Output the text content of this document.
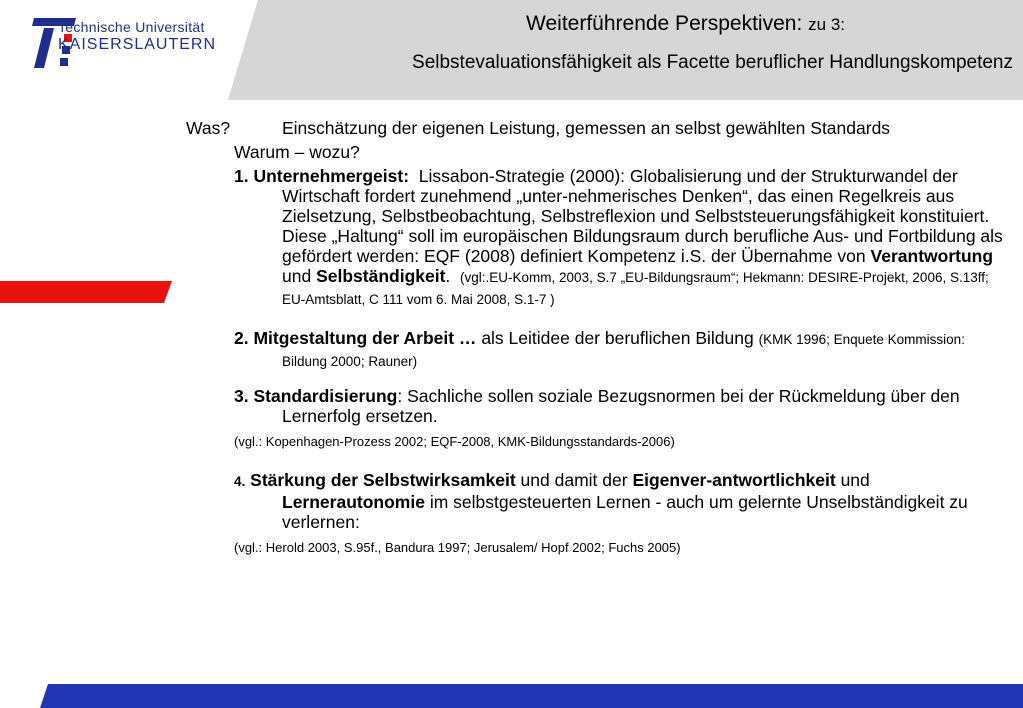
Weiterführende Perspektiven: zu 3:
Selbstevaluationsfähigkeit als Facette beruflicher Handlungskompetenz
Technische Universität
KAISERSLAUTERN

Was?	Einschätzung der eigenen Leistung, gemessen an selbst gewählten Standards

Warum – wozu?

1. Unternehmergeist: Lissabon-Strategie (2000): Globalisierung und der Strukturwandel der Wirtschaft fordert zunehmend „unter-nehmerisches Denken“, das einen Regelkreis aus Zielsetzung, Selbstbeobachtung, Selbstreflexion und Selbststeuerungsfähigkeit konstituiert. Diese „Haltung“ soll im europäischen Bildungsraum durch berufliche Aus- und Fortbildung als gefördert werden: EQF (2008) definiert Kompetenz i.S. der Übernahme von Verantwortung und Selbständigkeit. (vgl:.EU-Komm, 2003, S.7 „EU-Bildungsraum“; Hekmann: DESIRE-Projekt, 2006, S.13ff; EU-Amtsblatt, C 111 vom 6. Mai 2008, S.1-7 )

2. Mitgestaltung der Arbeit … als Leitidee der beruflichen Bildung (KMK 1996; Enquete Kommission: Bildung 2000; Rauner)

3. Standardisierung: Sachliche sollen soziale Bezugsnormen bei der Rückmeldung über den Lernerfolg ersetzen.

(vgl.: Kopenhagen-Prozess 2002; EQF-2008, KMK-Bildungsstandards-2006)

4. Stärkung der Selbstwirksamkeit und damit der Eigenver-antwortlichkeit und Lernerautonomie im selbstgesteuerten Lernen - auch um gelernte Unselbständigkeit zu verlernen:

(vgl.: Herold 2003, S.95f., Bandura 1997; Jerusalem/ Hopf 2002; Fuchs 2005)
